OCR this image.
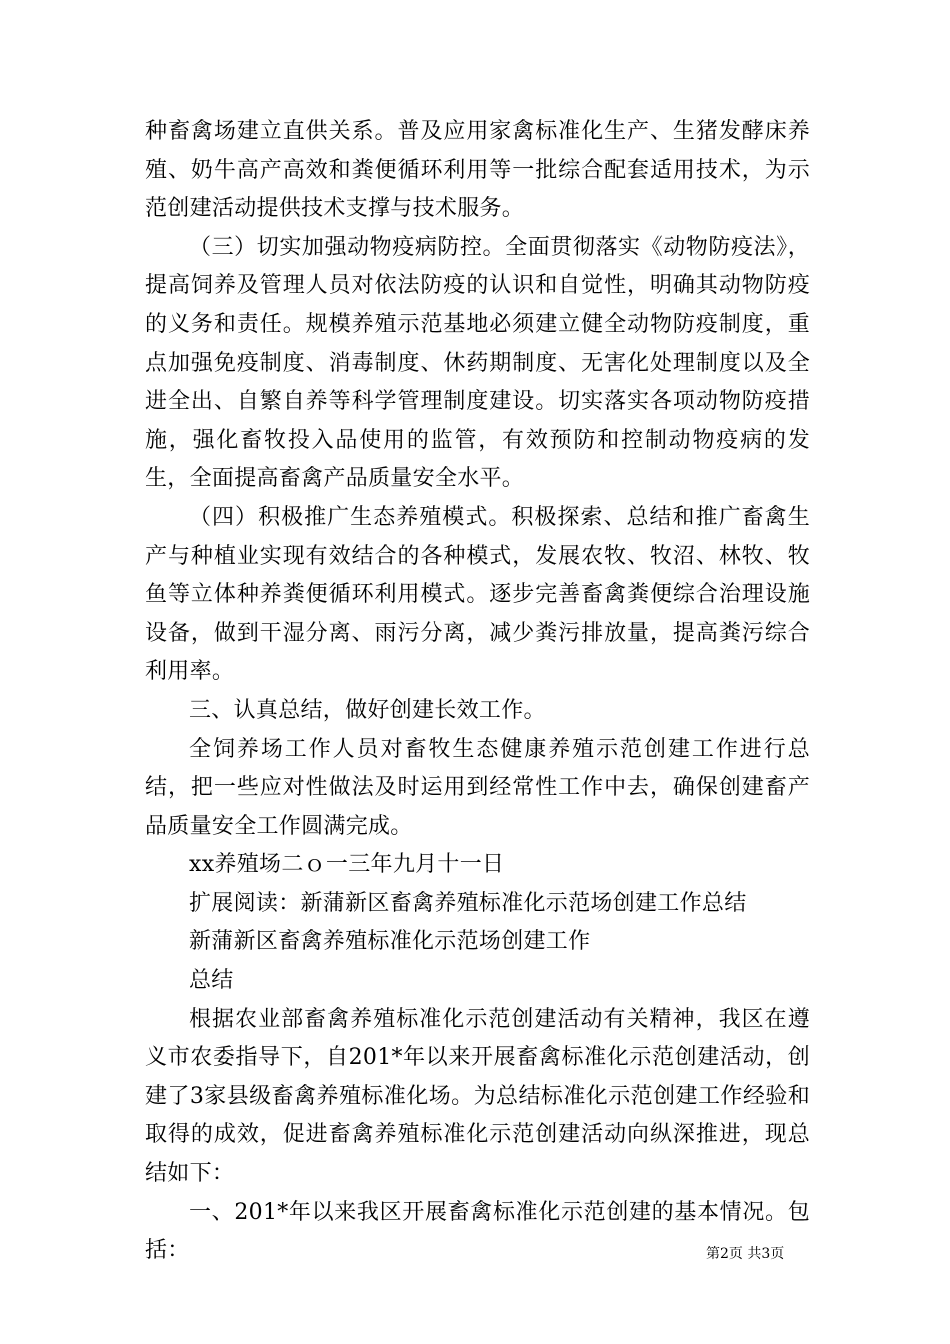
种畜禽场建立直供关系。普及应用家禽标准化生产、生猪发酵床养殖、奶牛高产高效和粪便循环利用等一批综合配套适用技术，为示范创建活动提供技术支撑与技术服务。

（三）切实加强动物疫病防控。全面贯彻落实《动物防疫法》，提高饲养及管理人员对依法防疫的认识和自觉性，明确其动物防疫的义务和责任。规模养殖示范基地必须建立健全动物防疫制度，重点加强免疫制度、消毒制度、休药期制度、无害化处理制度以及全进全出、自繁自养等科学管理制度建设。切实落实各项动物防疫措施，强化畜牧投入品使用的监管，有效预防和控制动物疫病的发生，全面提高畜禽产品质量安全水平。

（四）积极推广生态养殖模式。积极探索、总结和推广畜禽生产与种植业实现有效结合的各种模式，发展农牧、牧沼、林牧、牧鱼等立体种养粪便循环利用模式。逐步完善畜禽粪便综合治理设施设备，做到干湿分离、雨污分离，减少粪污排放量，提高粪污综合利用率。

三、认真总结，做好创建长效工作。

全饲养场工作人员对畜牧生态健康养殖示范创建工作进行总结，把一些应对性做法及时运用到经常性工作中去，确保创建畜产品质量安全工作圆满完成。

xx养殖场二ｏ一三年九月十一日

扩展阅读：新蒲新区畜禽养殖标准化示范场创建工作总结

新蒲新区畜禽养殖标准化示范场创建工作

总结

根据农业部畜禽养殖标准化示范创建活动有关精神，我区在遵义市农委指导下，自201*年以来开展畜禽标准化示范创建活动，创建了3家县级畜禽养殖标准化场。为总结标准化示范创建工作经验和取得的成效，促进畜禽养殖标准化示范创建活动向纵深推进，现总结如下：

一、201*年以来我区开展畜禽标准化示范创建的基本情况。包括：	第2页 共3页
